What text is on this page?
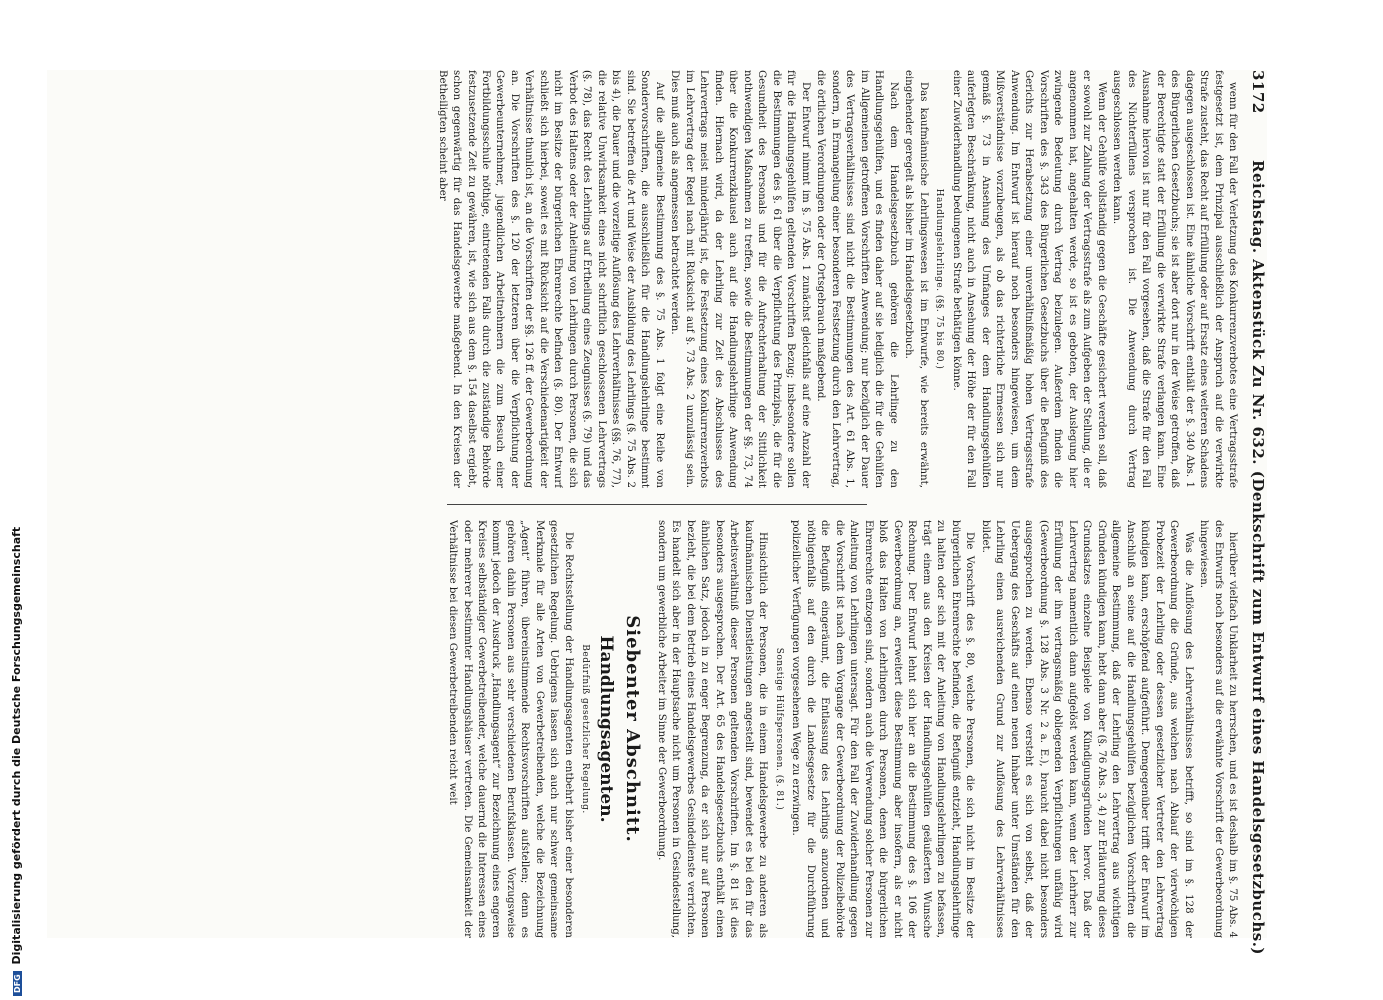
3172
Reichstag. Aktenstück Zu Nr. 632. (Denkschrift zum Entwurf eines Handelsgesetzbuchs.)

wenn für den Fall der Verletzung des Konkurrenzverbotes eine Vertragsstrafe festgesetzt ist, dem Prinzipal ausschließlich der Anspruch auf die verwirkte Strafe zusteht, das Recht auf Erfüllung oder auf Ersatz eines weiteren Schadens dagegen ausgeschlossen ist. Eine ähnliche Vorschrift enthält der §. 340 Abs. 1 des Bürgerlichen Gesetzbuchs; sie ist aber dort nur in der Weise getroffen, daß der Berechtigte statt der Erfüllung die verwirkte Strafe verlangen kann. Eine Ausnahme hiervon ist nur für den Fall vorgesehen, daß die Strafe für den Fall des Nichterfüllens versprochen ist. Die Anwendung durch Vertrag ausgeschlossen werden kann.

Wenn der Gehülfe vollständig gegen die Geschäfte gesichert werden soll, daß er sowohl zur Zahlung der Vertragsstrafe als zum Aufgeben der Stellung, die er angenommen hat, angehalten werde, so ist es geboten, der Auslegung hier zwingende Bedeutung durch Vertrag beizulegen. Außerdem finden die Vorschriften des §. 343 des Bürgerlichen Gesetzbuchs über die Befugniß des Gerichts zur Herabsetzung einer unverhältnißmäßig hohen Vertragsstrafe Anwendung. Im Entwurf ist hierauf noch besonders hingewiesen, um dem Mißverständnisse vorzubeugen, als ob das richterliche Ermessen sich nur gemäß §. 73 in Ansehung des Umfanges der dem Handlungsgehülfen auferlegten Beschränkung, nicht auch in Ansehung der Höhe der für den Fall einer Zuwiderhandlung bedungenen Strafe bethätigen könne.

Handlungslehrlinge. (§§. 75 bis 80.)

Das kaufmännische Lehrlingswesen ist im Entwurfe, wie bereits erwähnt, eingehender geregelt als bisher im Handelsgesetzbuch.

Nach dem Handelsgesetzbuch gehören die Lehrlinge zu den Handlungsgehülfen, und es finden daher auf sie lediglich die für die Gehülfen im Allgemeinen getroffenen Vorschriften Anwendung; nur bezüglich der Dauer des Vertragsverhältnisses sind nicht die Bestimmungen des Art. 61 Abs. 1, sondern, in Ermangelung einer besonderen Festsetzung durch den Lehrvertrag, die örtlichen Verordnungen oder der Ortsgebrauch maßgebend.

Der Entwurf nimmt im §. 75 Abs. 1 zunächst gleichfalls auf eine Anzahl der für die Handlungsgehülfen geltenden Vorschriften Bezug; insbesondere sollen die Bestimmungen des §. 61 über die Verpflichtung des Prinzipals, die für die Gesundheit des Personals und für die Aufrechterhaltung der Sittlichkeit nothwendigen Maßnahmen zu treffen, sowie die Bestimmungen der §§. 73, 74 über die Konkurrenzklausel auch auf die Handlungslehrlinge Anwendung finden. Hiernach wird, da der Lehrling zur Zeit des Abschlusses des Lehrvertrags meist minderjährig ist, die Festsetzung eines Konkurrenzverbots im Lehrvertrag der Regel nach mit Rücksicht auf §. 73 Abs. 2 unzulässig sein. Dies muß auch als angemessen betrachtet werden.

Auf die allgemeine Bestimmung des §. 75 Abs. 1 folgt eine Reihe von Sondervorschriften, die ausschließlich für die Handlungslehrlinge bestimmt sind. Sie betreffen die Art und Weise der Ausbildung des Lehrlings (§. 75 Abs. 2 bis 4), die Dauer und die vorzeitige Auflösung des Lehrverhältnisses (§§. 76, 77), die relative Unwirksamkeit eines nicht schriftlich geschlossenen Lehrvertrags (§. 78), das Recht des Lehrlings auf Ertheilung eines Zeugnisses (§. 79) und das Verbot des Haltens oder der Anleitung von Lehrlingen durch Personen, die sich nicht im Besitze der bürgerlichen Ehrenrechte befinden (§. 80). Der Entwurf schließt sich hierbei, soweit es mit Rücksicht auf die Verschiedenartigkeit der Verhältnisse thunlich ist, an die Vorschriften der §§. 126 ff. der Gewerbeordnung an. Die Vorschriften des §. 120 der letzteren über die Verpflichtung der Gewerbeunternehmer, jugendlichen Arbeitnehmern die zum Besuch einer Fortbildungsschule nöthige, eintretenden Falls durch die zuständige Behörde festzusetzende Zeit zu gewähren, ist, wie sich aus dem §. 154 daselbst ergiebt, schon gegenwärtig für das Handelsgewerbe maßgebend. In den Kreisen der Betheiligten scheint aber

hierüber vielfach Unklarheit zu herrschen, und es ist deshalb im §. 75 Abs. 4 des Entwurfs noch besonders auf die erwähnte Vorschrift der Gewerbeordnung hingewiesen.

Was die Auflösung des Lehrverhältnisses betrifft, so sind im §. 128 der Gewerbeordnung die Gründe, aus welchen nach Ablauf der vierwöchigen Probezeit der Lehrling oder dessen gesetzlicher Vertreter den Lehrvertrag kündigen kann, erschöpfend aufgeführt. Demgegenüber trifft der Entwurf im Anschluß an seine auf die Handlungsgehülfen bezüglichen Vorschriften die allgemeine Bestimmung, daß der Lehrling den Lehrvertrag aus wichtigen Gründen kündigen kann, hebt dann aber (§. 76 Abs. 3, 4) zur Erläuterung dieses Grundsatzes einzelne Beispiele von Kündigungsgründen hervor. Daß der Lehrvertrag namentlich dann aufgelöst werden kann, wenn der Lehrherr zur Erfüllung der ihm vertragsmäßig obliegenden Verpflichtungen unfähig wird (Gewerbeordnung §. 128 Abs. 3 Nr. 2 a. E.), braucht dabei nicht besonders ausgesprochen zu werden. Ebenso versteht es sich von selbst, daß der Uebergang des Geschäfts auf einen neuen Inhaber unter Umständen für den Lehrling einen ausreichenden Grund zur Auflösung des Lehrverhältnisses bildet.

Die Vorschrift des §. 80, welche Personen, die sich nicht im Besitze der bürgerlichen Ehrenrechte befinden, die Befugniß entzieht, Handlungslehrlinge zu halten oder sich mit der Anleitung von Handlungslehrlingen zu befassen, trägt einem aus den Kreisen der Handlungsgehülfen geäußerten Wunsche Rechnung. Der Entwurf lehnt sich hier an die Bestimmung des §. 106 der Gewerbeordnung an, erweitert diese Bestimmung aber insofern, als er nicht bloß das Halten von Lehrlingen durch Personen, denen die bürgerlichen Ehrenrechte entzogen sind, sondern auch die Verwendung solcher Personen zur Anleitung von Lehrlingen untersagt. Für den Fall der Zuwiderhandlung gegen die Vorschrift ist nach dem Vorgange der Gewerbeordnung der Polizeibehörde die Befugniß eingeräumt, die Entlassung des Lehrlings anzuordnen und nöthigenfalls auf den durch die Landesgesetze für die Durchführung polizeilicher Verfügungen vorgesehenen Wege zu erzwingen.

Sonstige Hülfspersonen. (§. 81.)

Hinsichtlich der Personen, die in einem Handelsgewerbe zu anderen als kaufmännischen Dienstleistungen angestellt sind, bewendet es bei den für das Arbeitsverhältniß dieser Personen geltenden Vorschriften. Im §. 81 ist dies besonders ausgesprochen. Der Art. 65 des Handelsgesetzbuchs enthält einen ähnlichen Satz, jedoch in zu enger Begrenzung, da er sich nur auf Personen bezieht, die bei dem Betrieb eines Handelsgewerbes Gesindedienste verrichten. Es handelt sich aber in der Hauptsache nicht um Personen in Gesindestellung, sondern um gewerbliche Arbeiter im Sinne der Gewerbeordnung.

Siebenter Abschnitt.

Handlungsagenten.

Bedürfniß gesetzlicher Regelung.

Die Rechtsstellung der Handlungsagenten entbehrt bisher einer besonderen gesetzlichen Regelung. Uebrigens lassen sich auch nur schwer gemeinsame Merkmale für alle Arten von Gewerbetreibenden, welche die Bezeichnung „Agent“ führen, übereinstimmende Rechtsvorschriften aufstellen; denn es gehören dahin Personen aus sehr verschiedenen Berufsklassen. Vorzugsweise kommt jedoch der Ausdruck „Handlungsagent“ zur Bezeichnung eines engeren Kreises selbständiger Gewerbetreibender, welche dauernd die Interessen eines oder mehrerer bestimmter Handlungshäuser vertreten. Die Gemeinsamkeit der Verhältnisse bei diesen Gewerbetreibenden reicht weit

DFG Digitalisierung gefördert durch die Deutsche Forschungsgemeinschaft
